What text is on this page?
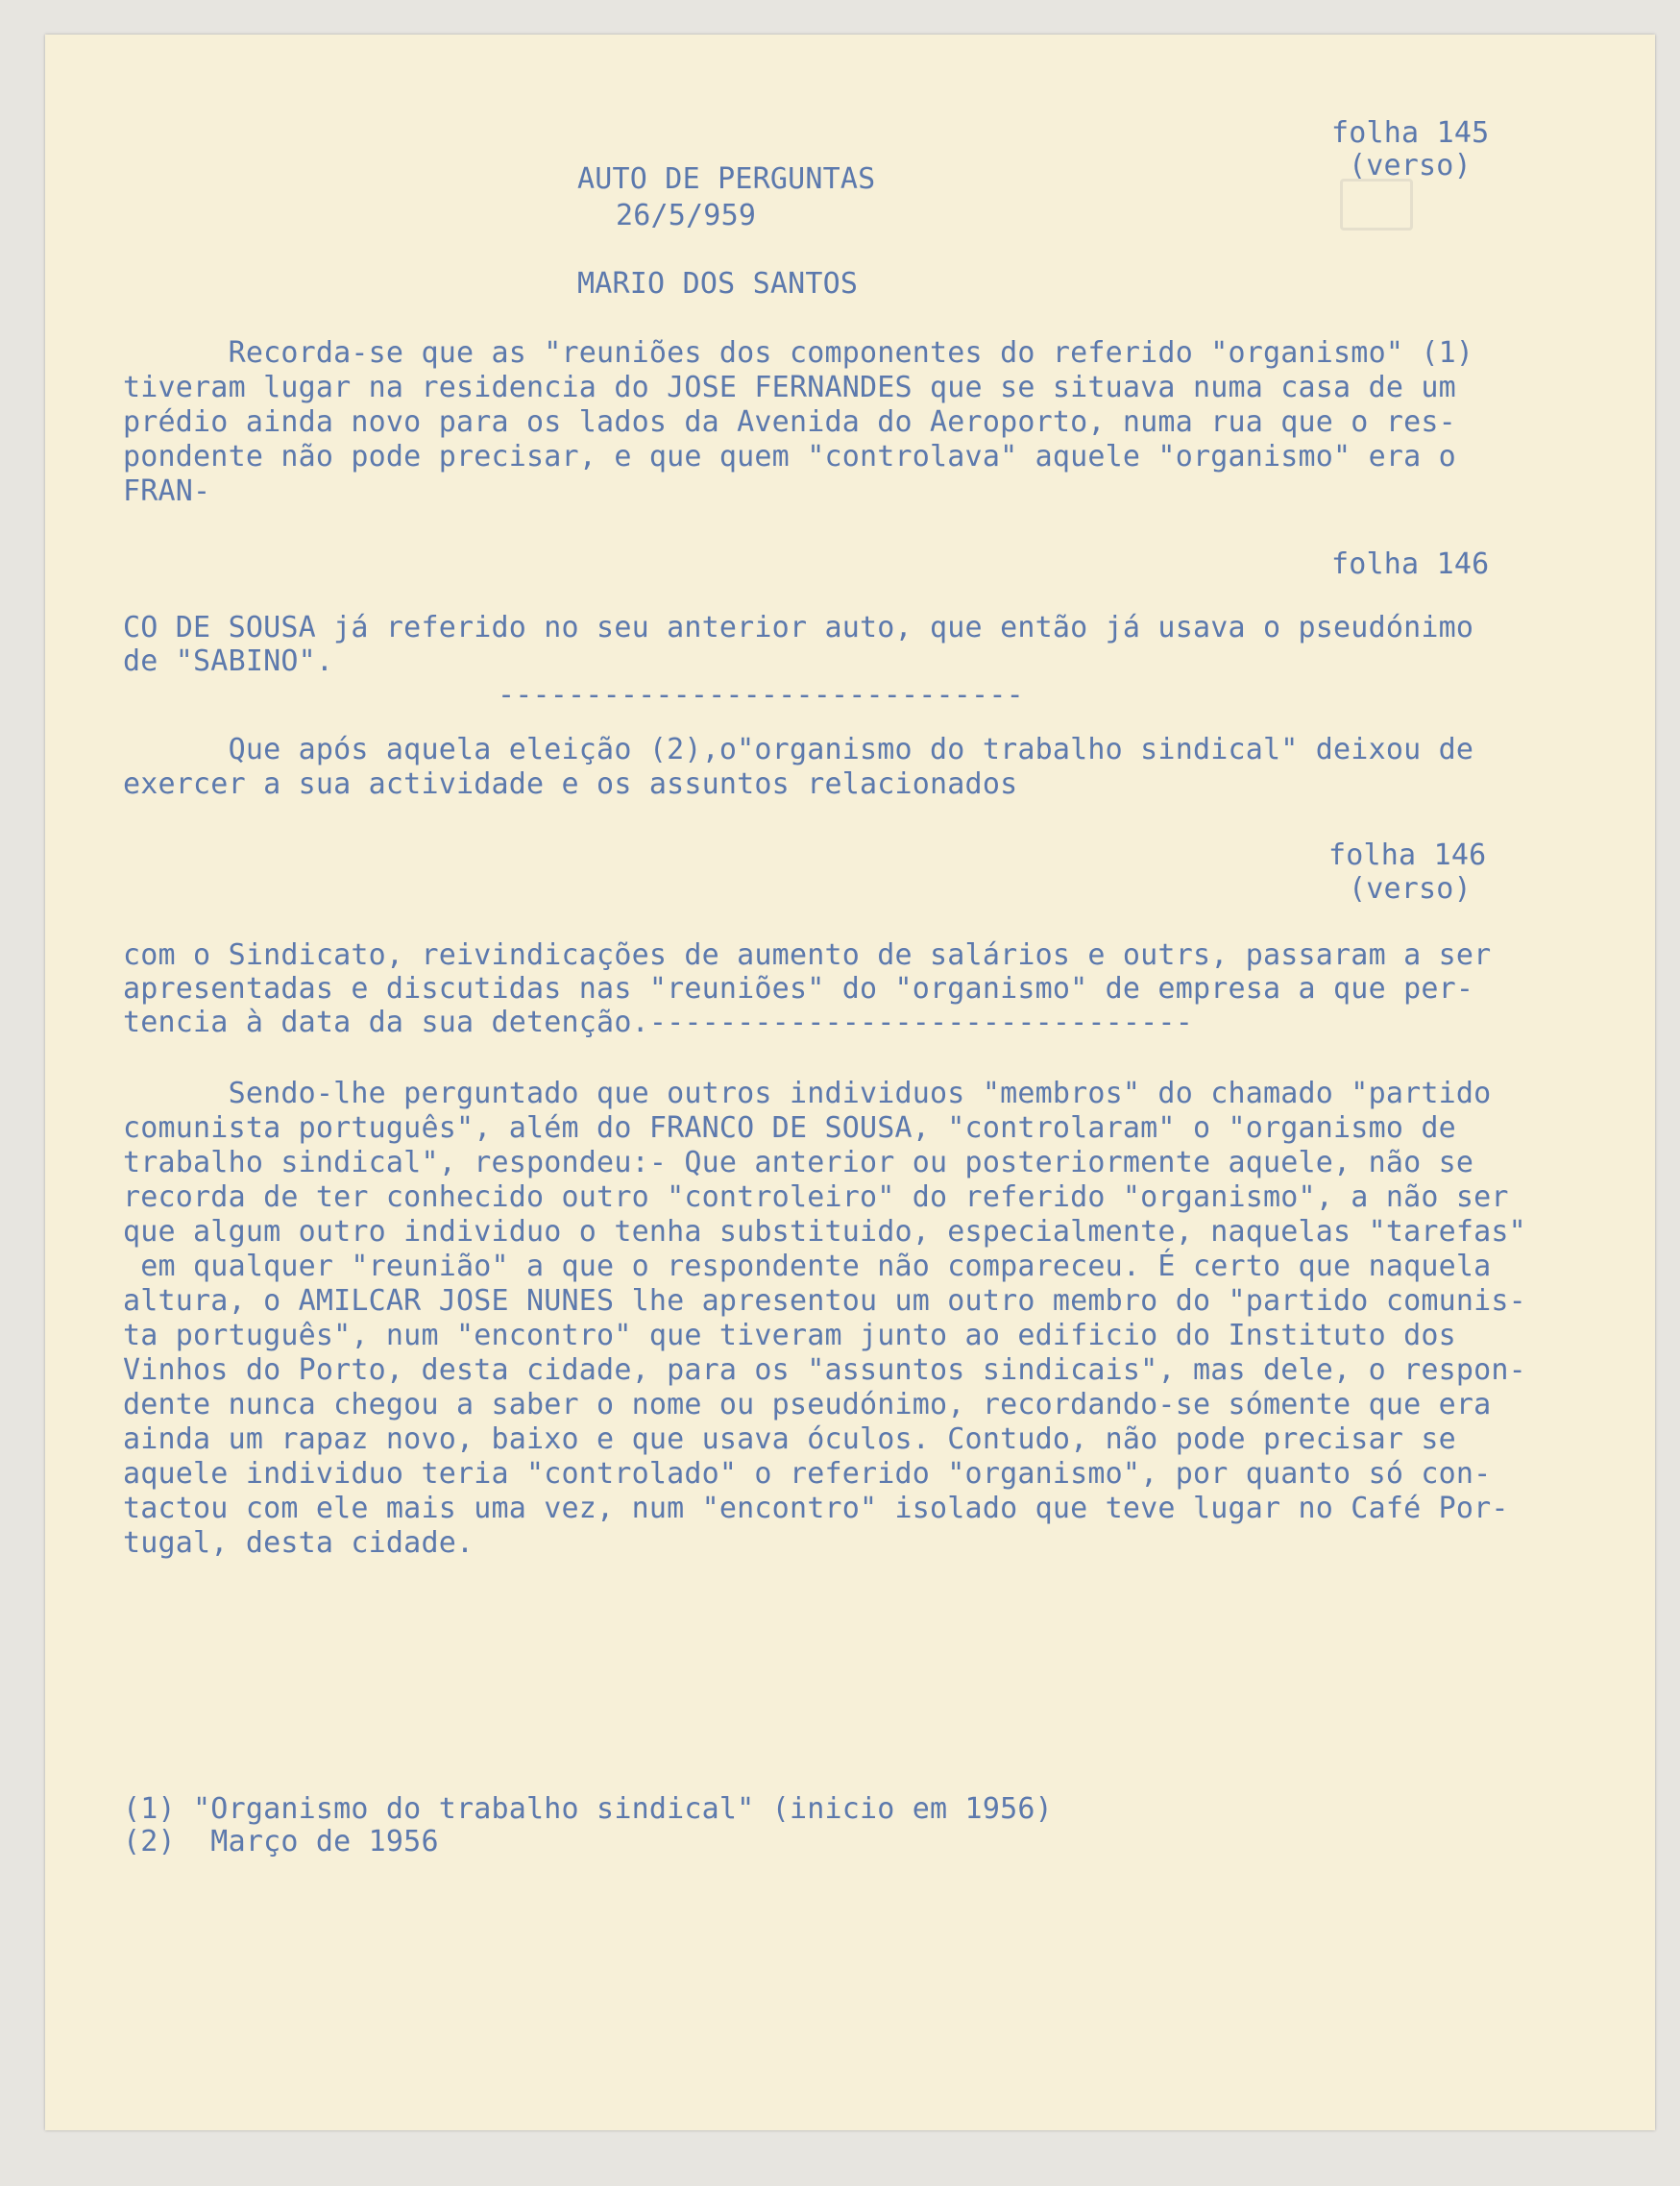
folha 145
(verso)
AUTO DE PERGUNTAS
26/5/959
MARIO DOS SANTOS
Recorda-se que as "reuniões dos componentes do referido "organismo" (1)
tiveram lugar na residencia do JOSE FERNANDES que se situava numa casa de um
prédio ainda novo para os lados da Avenida do Aeroporto, numa rua que o res-
pondente não pode precisar, e que quem "controlava" aquele "organismo" era o
FRAN-
folha 146
CO DE SOUSA já referido no seu anterior auto, que então já usava o pseudónimo
de "SABINO".
------------------------------
Que após aquela eleição (2),o"organismo do trabalho sindical" deixou de
exercer a sua actividade e os assuntos relacionados
folha 146
(verso)
com o Sindicato, reivindicações de aumento de salários e outrs, passaram a ser
apresentadas e discutidas nas "reuniões" do "organismo" de empresa a que per-
tencia à data da sua detenção.-------------------------------
Sendo-lhe perguntado que outros individuos "membros" do chamado "partido
comunista português", além do FRANCO DE SOUSA, "controlaram" o "organismo de
trabalho sindical", respondeu:- Que anterior ou posteriormente aquele, não se
recorda de ter conhecido outro "controleiro" do referido "organismo", a não ser
que algum outro individuo o tenha substituido, especialmente, naquelas "tarefas"
em qualquer "reunião" a que o respondente não compareceu. É certo que naquela
altura, o AMILCAR JOSE NUNES lhe apresentou um outro membro do "partido comunis-
ta português", num "encontro" que tiveram junto ao edificio do Instituto dos
Vinhos do Porto, desta cidade, para os "assuntos sindicais", mas dele, o respon-
dente nunca chegou a saber o nome ou pseudónimo, recordando-se sómente que era
ainda um rapaz novo, baixo e que usava óculos. Contudo, não pode precisar se
aquele individuo teria "controlado" o referido "organismo", por quanto só con-
tactou com ele mais uma vez, num "encontro" isolado que teve lugar no Café Por-
tugal, desta cidade.
(1) "Organismo do trabalho sindical" (inicio em 1956)
(2)  Março de 1956
